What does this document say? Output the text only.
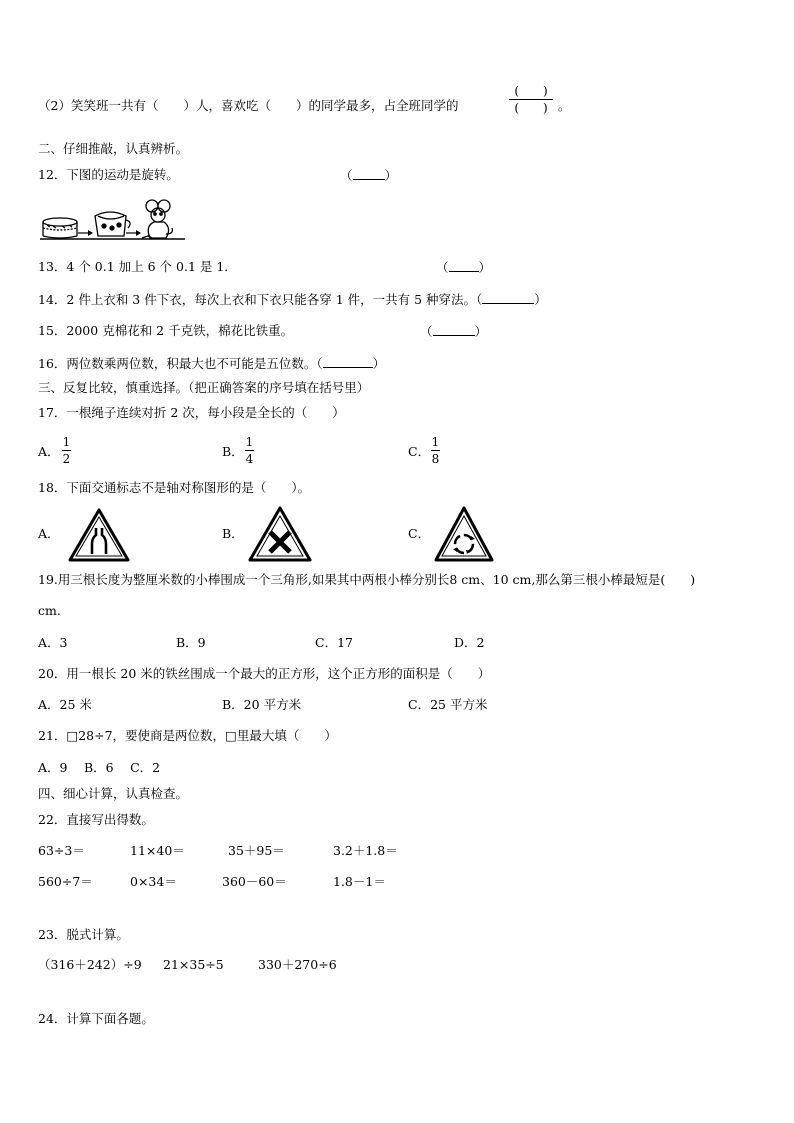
（2）笑笑班一共有（　　）人，喜欢吃（　　）的同学最多，占全班同学的
(　　)
(　　) 。
二、仔细推敲，认真辨析。
12．下图的运动是旋转。	（	）
13．4 个 0.1 加上 6 个 0.1 是 1．	（ ）
14．2 件上衣和 3 件下衣，每次上衣和下衣只能各穿 1 件，一共有 5 种穿法。（	）
15．2000 克棉花和 2 千克铁，棉花比铁重。	（	）
16．两位数乘两位数，积最大也不可能是五位数。（	）
三、反复比较，慎重选择。（把正确答案的序号填在括号里）
17．一根绳子连续对折 2 次，每小段是全长的（　　）
A．
1
2	B．
1
4	C．
1
8
18．下面交通标志不是轴对称图形的是（　　）。
A．	B．	C．
19.用三根长度为整厘米数的小棒围成一个三角形,如果其中两根小棒分别长8 cm、10 cm,那么第三根小棒最短是(　　)
cm.
A．3	B．9	C．17	D．2
20．用一根长 20 米的铁丝围成一个最大的正方形，这个正方形的面积是（　　）
A．25 米	B．20 平方米	C．25 平方米
21．□28÷7，要使商是两位数，□里最大填（　　）
A．9　 B．6　 C．2
四、细心计算，认真检查。
22．直接写出得数。
63÷3＝	11×40＝	35＋95＝	3.2＋1.8＝
560÷7＝	0×34＝	360－60＝	1.8－1＝
23．脱式计算。
（316＋242）÷9 21×35÷5	330＋270÷6
24．计算下面各题。
